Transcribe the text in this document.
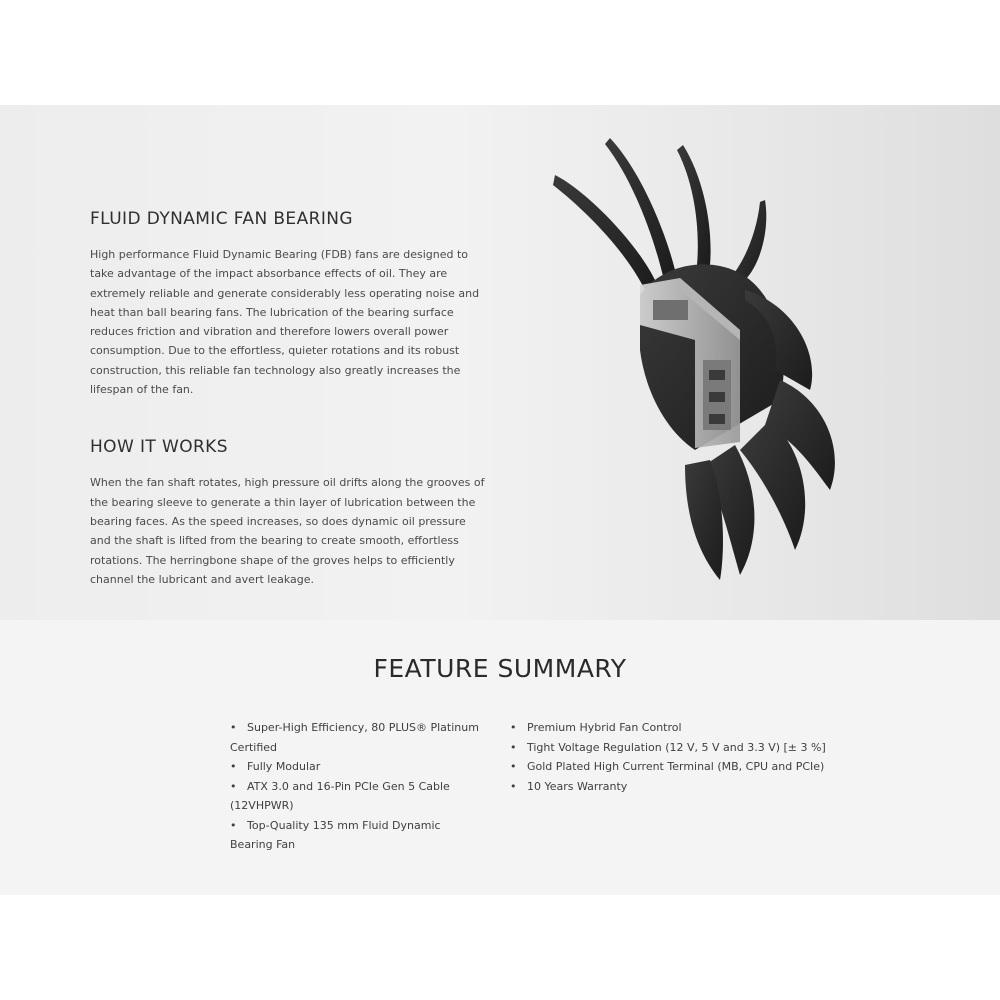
FLUID DYNAMIC FAN BEARING

High performance Fluid Dynamic Bearing (FDB) fans are designed to take advantage of the impact absorbance effects of oil. They are extremely reliable and generate considerably less operating noise and heat than ball bearing fans. The lubrication of the bearing surface reduces friction and vibration and therefore lowers overall power consumption. Due to the effortless, quieter rotations and its robust construction, this reliable fan technology also greatly increases the lifespan of the fan.

HOW IT WORKS

When the fan shaft rotates, high pressure oil drifts along the grooves of the bearing sleeve to generate a thin layer of lubrication between the bearing faces. As the speed increases, so does dynamic oil pressure and the shaft is lifted from the bearing to create smooth, effortless rotations. The herringbone shape of the groves helps to efficiently channel the lubricant and avert leakage.

FEATURE SUMMARY
• Super-High Efficiency, 80 PLUS® Platinum Certified
• Fully Modular
• ATX 3.0 and 16-Pin PCIe Gen 5 Cable (12VHPWR)
• Top-Quality 135 mm Fluid Dynamic Bearing Fan
• Premium Hybrid Fan Control
• Tight Voltage Regulation (12 V, 5 V and 3.3 V) [± 3 %]
• Gold Plated High Current Terminal (MB, CPU and PCIe)
• 10 Years Warranty
